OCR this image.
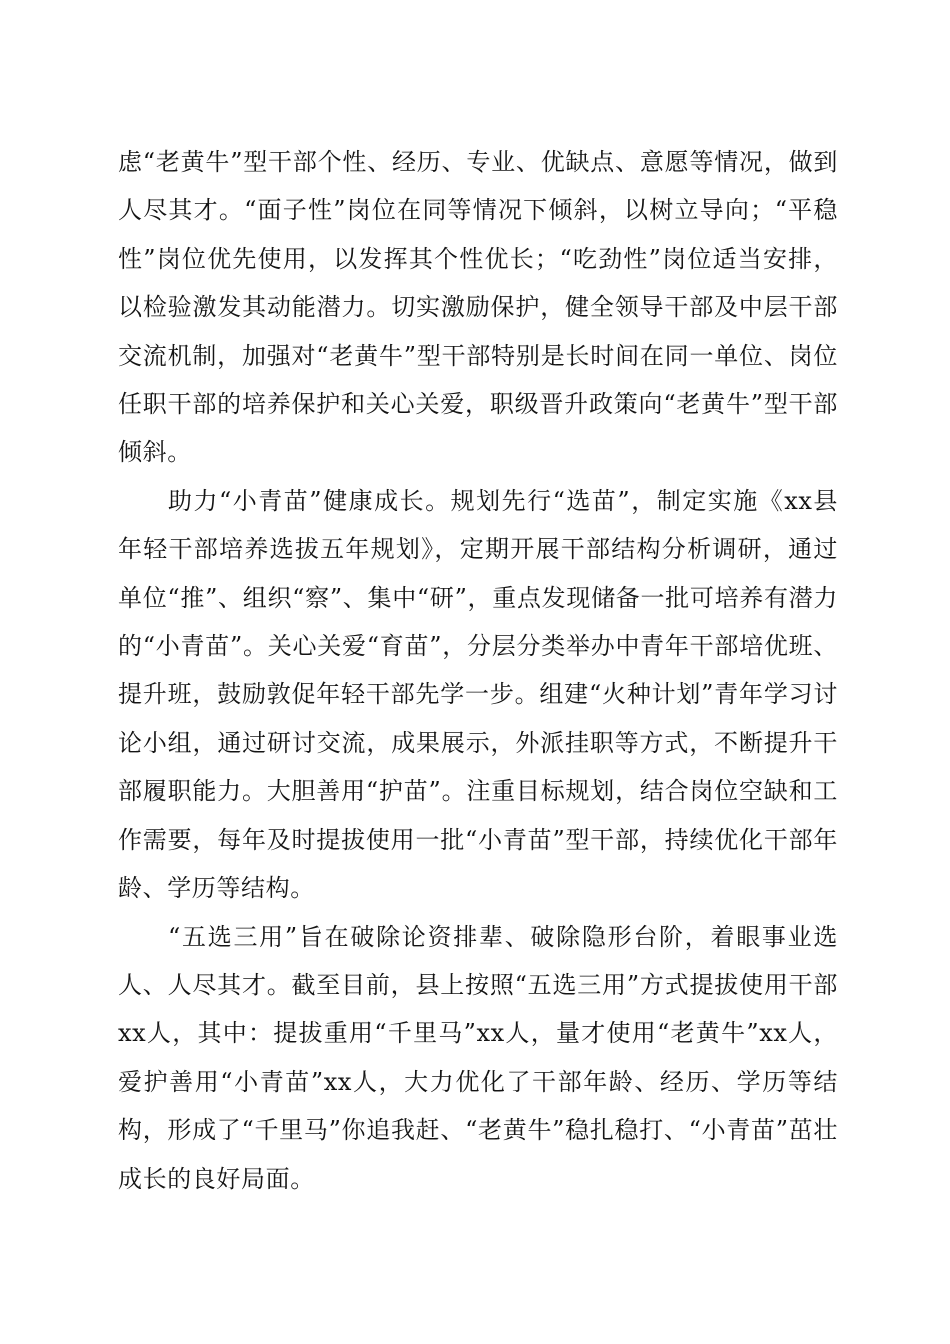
虑“老黄牛”型干部个性、经历、专业、优缺点、意愿等情况，做到人尽其才。“面子性”岗位在同等情况下倾斜，以树立导向；“平稳性”岗位优先使用，以发挥其个性优长；“吃劲性”岗位适当安排，以检验激发其动能潜力。切实激励保护，健全领导干部及中层干部交流机制，加强对“老黄牛”型干部特别是长时间在同一单位、岗位任职干部的培养保护和关心关爱，职级晋升政策向“老黄牛”型干部倾斜。

助力“小青苗”健康成长。规划先行“选苗”，制定实施《xx县年轻干部培养选拔五年规划》，定期开展干部结构分析调研，通过单位“推”、组织“察”、集中“研”，重点发现储备一批可培养有潜力的“小青苗”。关心关爱“育苗”，分层分类举办中青年干部培优班、提升班，鼓励敦促年轻干部先学一步。组建“火种计划”青年学习讨论小组，通过研讨交流，成果展示，外派挂职等方式，不断提升干部履职能力。大胆善用“护苗”。注重目标规划，结合岗位空缺和工作需要，每年及时提拔使用一批“小青苗”型干部，持续优化干部年龄、学历等结构。

“五选三用”旨在破除论资排辈、破除隐形台阶，着眼事业选人、人尽其才。截至目前，县上按照“五选三用”方式提拔使用干部xx人，其中：提拔重用“千里马”xx人，量才使用“老黄牛”xx人，爱护善用“小青苗”xx人，大力优化了干部年龄、经历、学历等结构，形成了“千里马”你追我赶、“老黄牛”稳扎稳打、“小青苗”茁壮成长的良好局面。
